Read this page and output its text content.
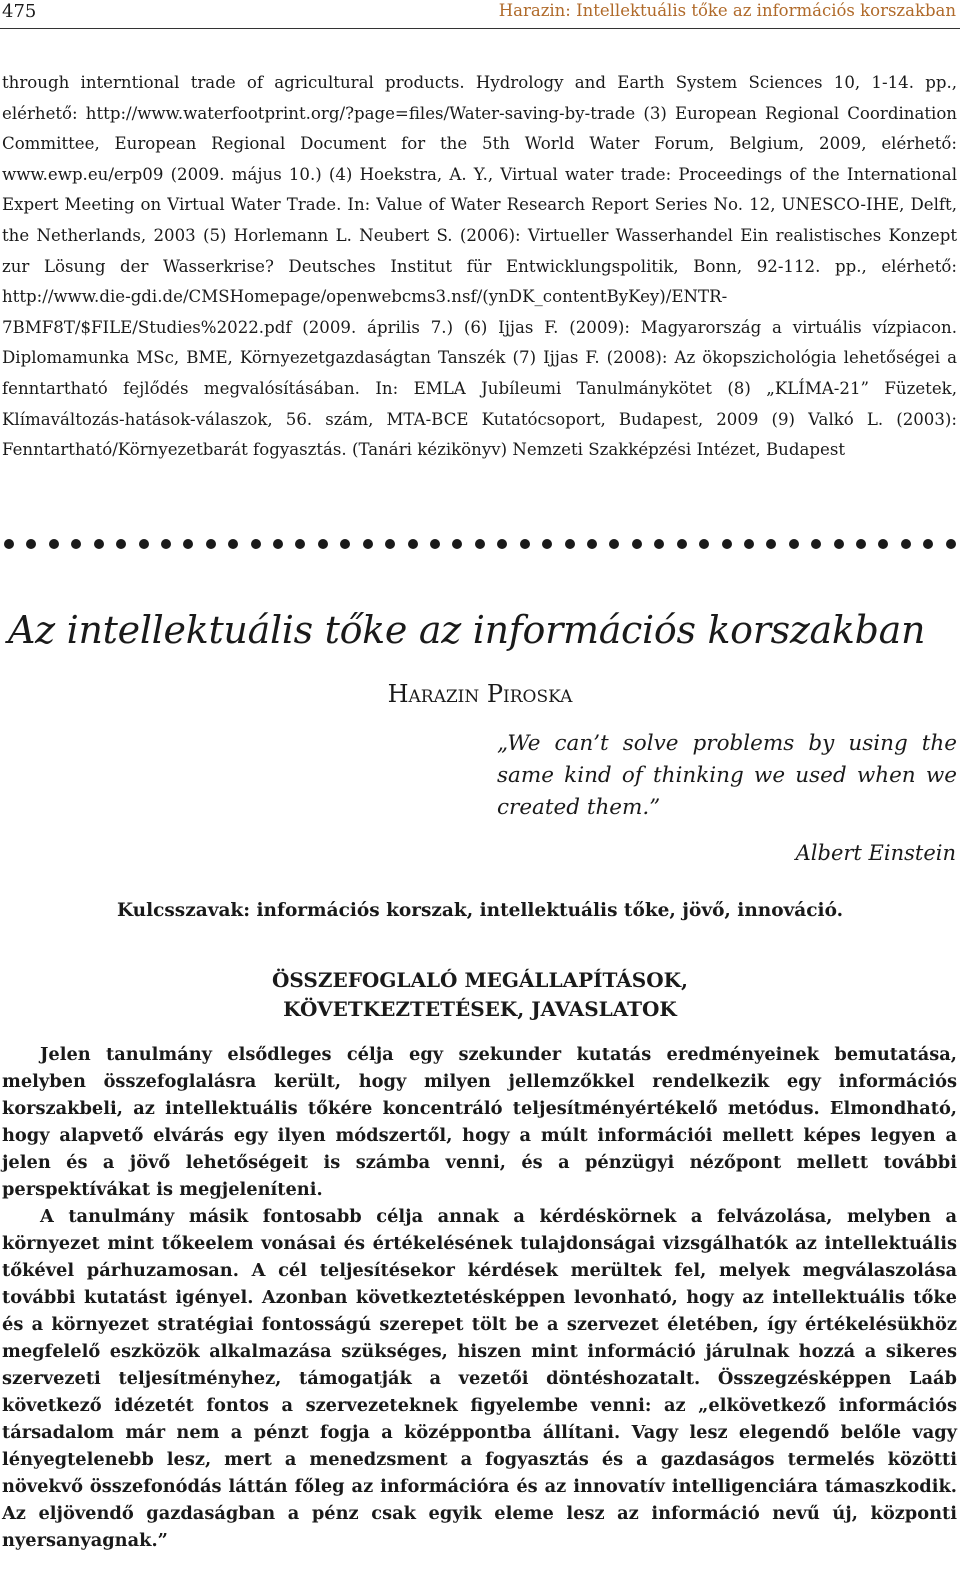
475	Harazin: Intellektuális tőke az információs korszakban

through interntional trade of agricultural products. Hydrology and Earth System Sciences 10, 1-14. pp., elérhető: http://www.waterfootprint.org/?page=files/Water-saving-by-trade (3) European Regional Coordination Committee, European Regional Document for the 5th World Water Forum, Belgium, 2009, elérhető: www.ewp.eu/erp09 (2009. május 10.) (4) Hoekstra, A. Y., Virtual water trade: Proceedings of the International Expert Meeting on Virtual Water Trade. In: Value of Water Research Report Series No. 12, UNESCO-IHE, Delft, the Netherlands, 2003 (5) Horlemann L. Neubert S. (2006): Virtueller Wasserhandel Ein realistisches Konzept zur Lösung der Wasserkrise? Deutsches Institut für Entwicklungspolitik, Bonn, 92-112. pp., elérhető: http://www.die-gdi.de/CMSHomepage/openwebcms3.nsf/(ynDK_contentByKey)/ENTR-7BMF8T/$FILE/Studies%2022.pdf (2009. április 7.) (6) Ijjas F. (2009): Magyarország a virtuális vízpiacon. Diplomamunka MSc, BME, Környezetgazdaságtan Tanszék (7) Ijjas F. (2008): Az ökopszichológia lehetőségei a fenntartható fejlődés megvalósításában. In: EMLA Jubíleumi Tanulmánykötet (8) „KLÍMA-21” Füzetek, Klímaváltozás-hatások-válaszok, 56. szám, MTA-BCE Kutatócsoport, Budapest, 2009 (9) Valkó L. (2003): Fenntartható/Környezetbarát fogyasztás. (Tanári kézikönyv) Nemzeti Szakképzési Intézet, Budapest

Az intellektuális tőke az információs korszakban
Harazin Piroska
„We can’t solve problems by using the same kind of thinking we used when we created them.”
Albert Einstein
Kulcsszavak: információs korszak, intellektuális tőke, jövő, innováció.
ÖSSZEFOGLALÓ MEGÁLLAPÍTÁSOK,
KÖVETKEZTETÉSEK, JAVASLATOK

Jelen tanulmány elsődleges célja egy szekunder kutatás eredményeinek bemutatása, melyben összefoglalásra került, hogy milyen jellemzőkkel rendelkezik egy információs korszakbeli, az intellektuális tőkére koncentráló teljesítményértékelő metódus. Elmondható, hogy alapvető elvárás egy ilyen módszertől, hogy a múlt információi mellett képes legyen a jelen és a jövő lehetőségeit is számba venni, és a pénzügyi nézőpont mellett további perspektívákat is megjeleníteni.

A tanulmány másik fontosabb célja annak a kérdéskörnek a felvázolása, melyben a környezet mint tőkeelem vonásai és értékelésének tulajdonságai vizsgálhatók az intellektuális tőkével párhuzamosan. A cél teljesítésekor kérdések merültek fel, melyek megválaszolása további kutatást igényel. Azonban következtetésképpen levonható, hogy az intellektuális tőke és a környezet stratégiai fontosságú szerepet tölt be a szervezet életében, így értékelésükhöz megfelelő eszközök alkalmazása szükséges, hiszen mint információ járulnak hozzá a sikeres szervezeti teljesítményhez, támogatják a vezetői döntéshozatalt. Összegzésképpen Laáb következő idézetét fontos a szervezeteknek figyelembe venni: az „elkövetkező információs társadalom már nem a pénzt fogja a középpontba állítani. Vagy lesz elegendő belőle vagy lényegtelenebb lesz, mert a menedzsment a fogyasztás és a gazdaságos termelés közötti növekvő összefonódás láttán főleg az információra és az innovatív intelligenciára támaszkodik. Az eljövendő gazdaságban a pénz csak egyik eleme lesz az információ nevű új, központi nyersanyagnak.”
